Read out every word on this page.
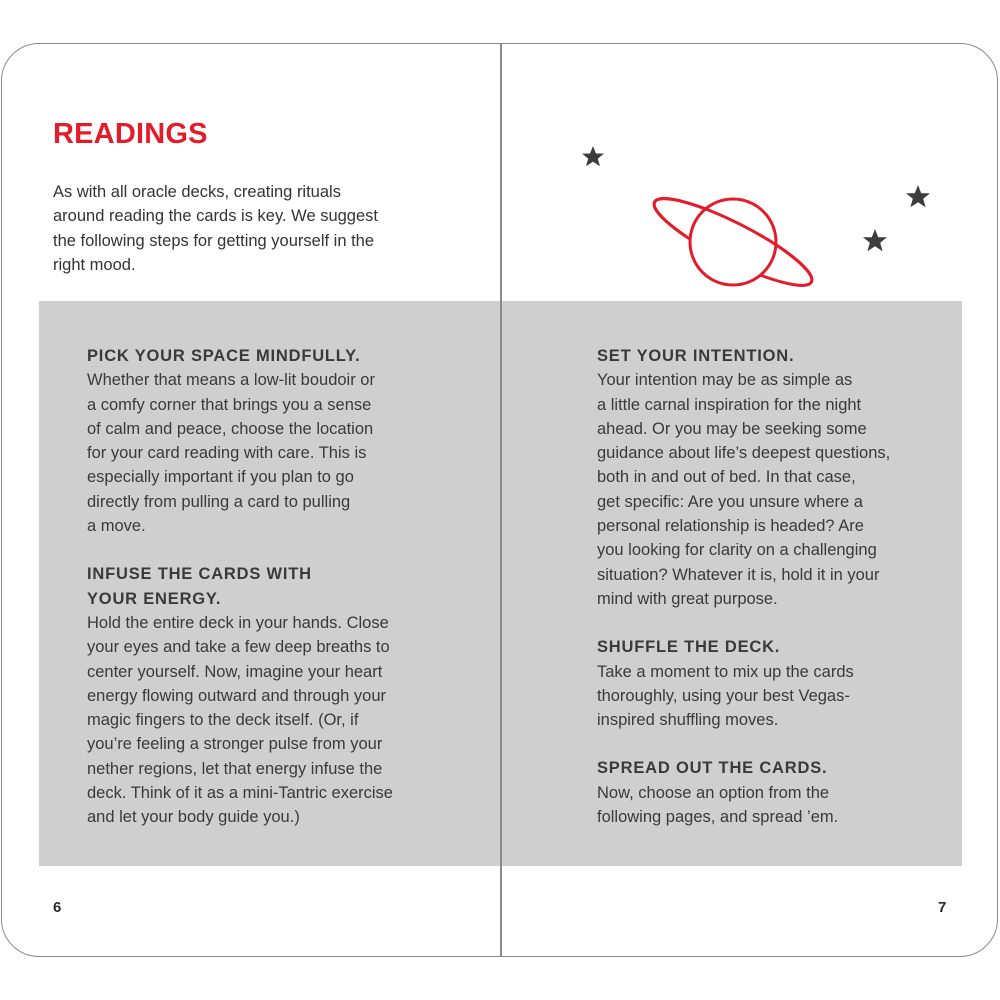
READINGS
As with all oracle decks, creating rituals
around reading the cards is key. We suggest
the following steps for getting yourself in the
right mood.
PICK YOUR SPACE MINDFULLY.

Whether that means a low-lit boudoir or
a comfy corner that brings you a sense
of calm and peace, choose the location
for your card reading with care. This is
especially important if you plan to go
directly from pulling a card to pulling
a move.

INFUSE THE CARDS WITH
YOUR ENERGY.

Hold the entire deck in your hands. Close
your eyes and take a few deep breaths to
center yourself. Now, imagine your heart
energy flowing outward and through your
magic fingers to the deck itself. (Or, if
you’re feeling a stronger pulse from your
nether regions, let that energy infuse the
deck. Think of it as a mini-Tantric exercise
and let your body guide you.)

SET YOUR INTENTION.

Your intention may be as simple as
a little carnal inspiration for the night
ahead. Or you may be seeking some
guidance about life’s deepest questions,
both in and out of bed. In that case,
get specific: Are you unsure where a
personal relationship is headed? Are
you looking for clarity on a challenging
situation? Whatever it is, hold it in your
mind with great purpose.

SHUFFLE THE DECK.

Take a moment to mix up the cards
thoroughly, using your best Vegas-
inspired shuffling moves.

SPREAD OUT THE CARDS.

Now, choose an option from the
following pages, and spread ’em.

6	7
